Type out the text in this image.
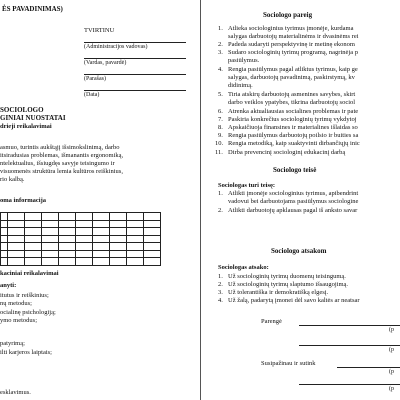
ĖS PAVADINIMAS)
TVIRTINU
(Administracijos vadovas)
(Vardas, pavardė)
(Parašas)
(Data)
SOCIOLOGO
GINIAI NUOSTATAI
drieji reikalavimai
asmuo, turintis aukštąjį išsimokslinimą, darbo
itsiradusias problemas, išmanantis ergonomiką,
ntelektualius, išsiugdęs savyje teisingumo ir
visuomenės struktūra lemia kultūros reiškinius,
rio kalbą.
oma informacija

kaciniai reikalavimai
anyti:
itutus ir reiškinius;
nų metodus;
ocialinę psichologiją;
ymo metodus;
patyrimą;
ilti karjeros laiptais;
esklavimus.
Sociologo pareig
1. Atlieka sociologinius tyrimus įmonėje, kurdama
salygas darbuotojų materialinėms ir dvasinėms rei
2. Padeda sudaryti perspektyvinę ir metinę ekonom
3. Sudaro sociologinių tyrimų programą, nagrinėja p
pasiūlymus.
4. Rengia pasiūlymus pagal atliktus tyrimus, kaip ge
salygas, darbuotojų pavadinimą, paskirstymą, kv
didinimą.
5. Tiria atskirų darbuotojų asmenines savybes, skirt
darbo veiklos ypatybes, tikrina darbuotojų sociol
6. Atrenka aktualiausias socialines problemas ir pate
7. Paskiria konkrečius sociologinių tyrimų vykdytoj
8. Apskaičiuoja finansines ir materialines išlaidas so
9. Rengia pasiūlymus darbuotojų poilsio ir buities sa
10. Rengia metodiką, kaip suaktyvinti dirbančiųjų inic
11. Dirba prevencinį sociologinį edukacinį darbą
Sociologo teisė
Sociologas turi teisę:
1. Atlikti įmonėje sociologinius tyrimus, apibendrint
vadovui bei darbuotojams pasiūlymus sociologine
2. Atlikti darbuotojų apklausas pagal iš anksto savar
Sociologo atsakom
Sociologas atsako:
1. Už sociologinių tyrimų duomenų teisingumą.
2. Už sociologinių tyrimų slaptumo išsaugojimą.
3. Už tolerantiška ir demokratišką elgesį.
4. Už žalą, padarytą įmonei dėl savo kaltės ar neatsar
Parengė
(p
(p
Susipažinau ir sutink
(p
(p
